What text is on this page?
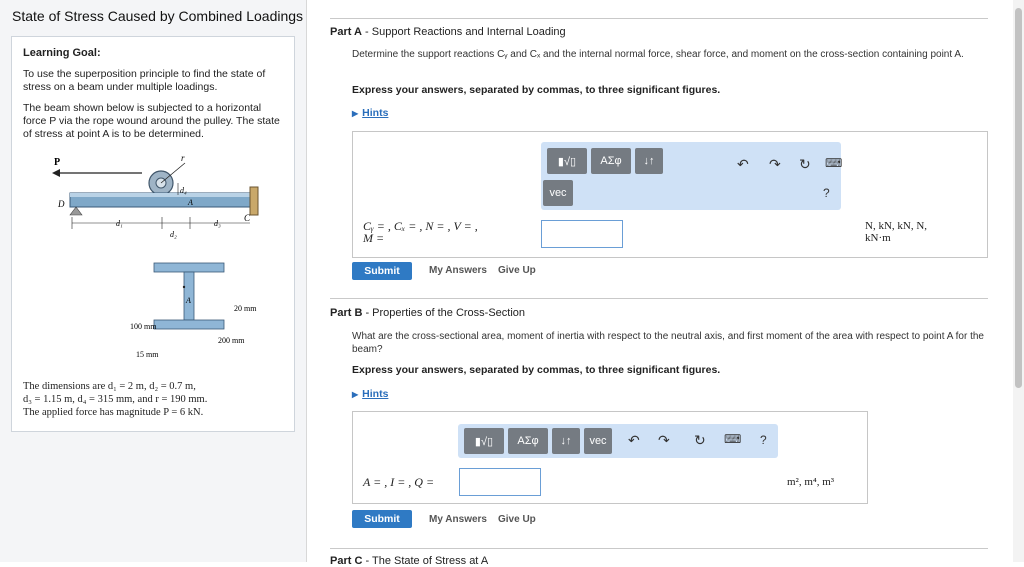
State of Stress Caused by Combined Loadings
Learning Goal:
To use the superposition principle to find the state of stress on a beam under multiple loadings.
The beam shown below is subjected to a horizontal force P via the rope wound around the pulley. The state of stress at point A is to be determined.
P	r
C
D
d₄
A
d₁	d₃
d₂
A
20 mm
100 mm
200 mm
15 mm
The dimensions are d₁ = 2 m, d₂ = 0.7 m,
d₃ = 1.15 m, d₄ = 315 mm, and r = 190 mm.
The applied force has magnitude P = 6 kN.
Part A - Support Reactions and Internal Loading
Determine the support reactions Cᵧ and Cₓ and the internal normal force, shear force, and moment on the cross-section containing point A.
Express your answers, separated by commas, to three significant figures.
▶ Hints
▮√▯	ΑΣφ	↓↑
vec
↶ ↷ ↻ ⌨
?
Cᵧ = , Cₓ = , N = , V = ,
M =
N, kN, kN, N,
kN·m
Submit	My Answers Give Up
Part B - Properties of the Cross-Section
What are the cross-sectional area, moment of inertia with respect to the neutral axis, and first moment of the area with respect to point A for the beam?
Express your answers, separated by commas, to three significant figures.
▶ Hints
▮√▯	ΑΣφ	↓↑	vec	↶ ↷ ↻ ⌨ ?
A = , I = , Q =	m², m⁴, m³
Submit	My Answers Give Up
Part C - The State of Stress at A
